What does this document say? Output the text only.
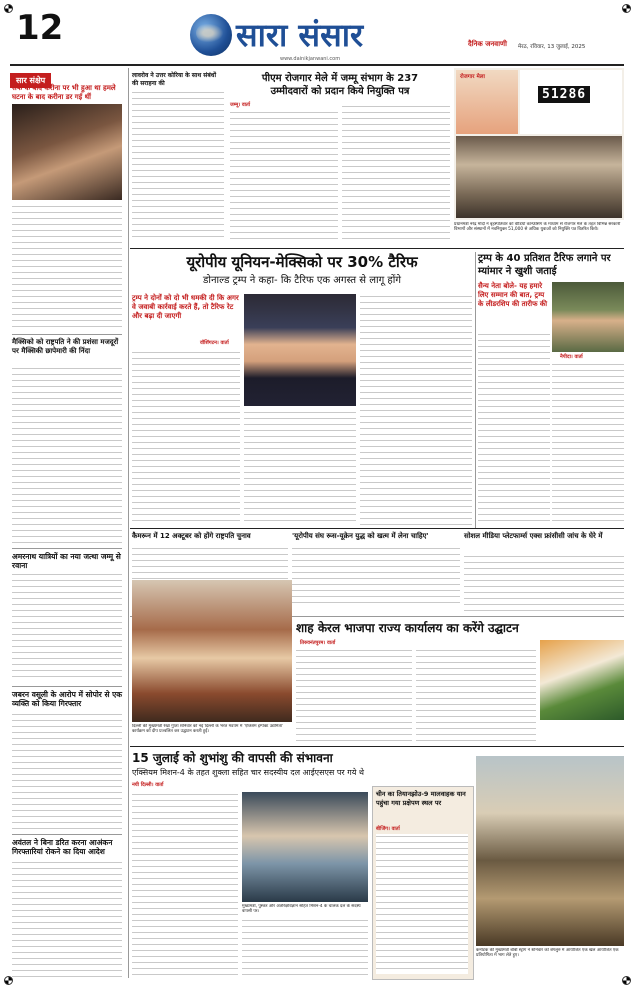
12	सारा संसार
www.dainikjanwani.com
दैनिक जनवाणी मेरठ, रविवार, 13 जुलाई, 2025
सार संक्षेप
सैफ के बाद करीना पर भी हुआ था हमले घटना के बाद करीना डर गई थीं
मैक्सिको को राष्ट्रपति ने की प्रशंसा मजदूरों पर मैक्सिकी छापेमारी की निंदा
अमरनाथ यात्रियों का नया जत्था जम्मू से रवाना
जबरन वसूली के आरोप में सोपोर से एक व्यक्ति को किया गिरफ्तार
अवंतल ने बिना डर‍ित करना आअंकन गिरफ्तारियां रोकने का दिया आदेश
लावरोव ने उत्तर कोरिया के साथ संबंधों की सराहना की	पीएम रोजगार मेले में जम्मू संभाग के 237
उम्मीदवारों को प्रदान किये नियुक्ति पत्र
जम्मू। वार्ता
रोजगार मेला
51286
प्रधानमंत्री नरेंद्र मोदी ने बृहस्पतिवार को वीडियो कॉन्फ्रेंसिंग के माध्यम से रोजगार मेले के तहत विभिन्न सरकारी विभागों और संस्थानों में नवनियुक्त 51,000 से अधिक युवाओं को नियुक्ति पत्र वितरित किये।
यूरोपीय यूनियन-मेक्सिको पर 30% टैरिफ
डोनाल्ड ट्रम्प ने कहा- कि टैरिफ एक अगस्त से लागू होंगे
ट्रम्प ने दोनों को दो भी धमकी दी कि अगर वे जवाबी कार्रवाई करते हैं, तो टैरिफ रेट और बढ़ा दी जाएगी
वॉशिंगटन। वार्ता
ट्रम्प के 40 प्रतिशत टैरिफ लगाने पर म्यांमार ने खुशी जताई
सैन्य नेता बोले- यह हमारे लिए सम्मान की बात, ट्रम्प के लीडरशिप की तारीफ की
नैपीदा। वार्ता
कैमरून में 12 अक्टूबर को होंगे राष्ट्रपति चुनाव	'यूरोपीय संघ रूस-यूक्रेन युद्ध को खत्म में लेना चाहिए'	सोशल मीडिया प्लेटफार्म्स एक्स फ्रांसीसी जांच के घेरे में
दिल्ली की मुख्यमंत्री रेखा गुप्ता शनिवार को नई दिल्ली के भरत मंडपम में 'एक्जिम इम्पैक्ट उद्यमिता' कार्यक्रम को दीप प्रज्वलित कर उद्घाटन करती हुईं।
शाह केरल भाजपा राज्य कार्यालय का करेंगे उद्घाटन
तिरुवनंतपुरम। वार्ता
15 जुलाई को शुभांशु की वापसी की संभावना
एक्सियम मिशन-4 के तहत शुक्ला सहित चार सदस्यीय दल आईएसएस पर गये थे
नयी दिल्ली। वार्ता
मुख्यमंत्री, पुस्कर और अंतरिक्षविज्ञान सहित मिशन-4 के चालक दल के सदस्य वापसी पर।
चीन का तियानझोउ-9 मालवाहक यान पहुंचा गया प्रक्षेपण स्थल पर
बीजिंग। वार्ता
कर्नाटक की मुख्यमंत्री बीबी स्ट्रांग ने शनिवार को बेंगलुरु में आयोजित एक खेल आयोजित एक प्रतियोगिता में भाग लेते हुए।
